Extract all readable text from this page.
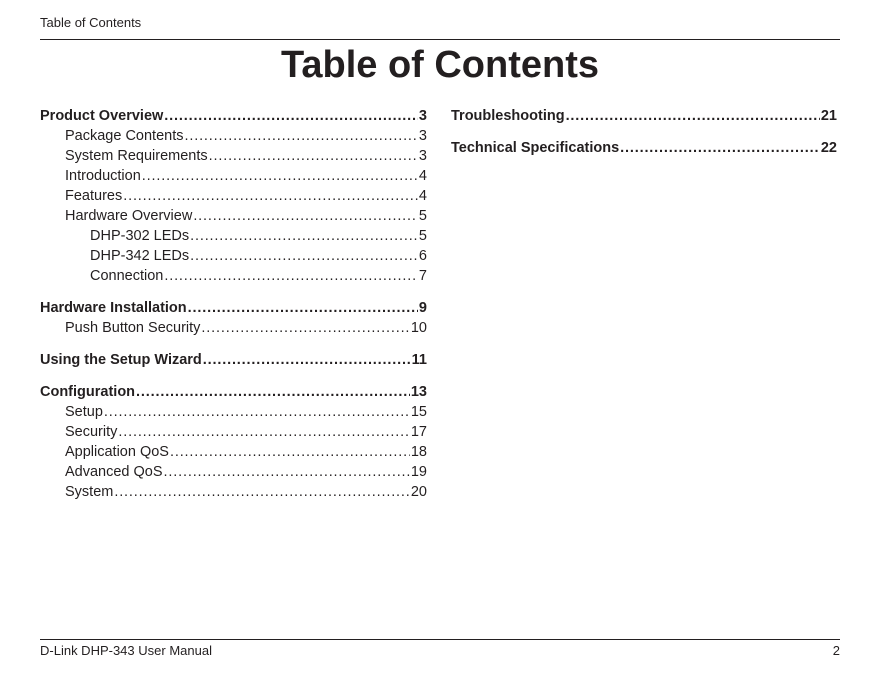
Table of Contents
Table of Contents
Product Overview . . .	3
Package Contents . . .	3
System Requirements . . .	3
Introduction . . .	4
Features . . .	4
Hardware Overview . . .	5
DHP-302 LEDs . . .	5
DHP-342 LEDs . . .	6
Connection . . .	7
Hardware Installation . . .	9
Push Button Security . . .	10
Using the Setup Wizard . . .	11
Configuration . . .	13
Setup . . .	15
Security . . .	17
Application QoS . . .	18
Advanced QoS . . .	19
System . . .	20
Troubleshooting . . .	21
Technical Specifications . . .	22
D-Link DHP-343 User Manual	2
